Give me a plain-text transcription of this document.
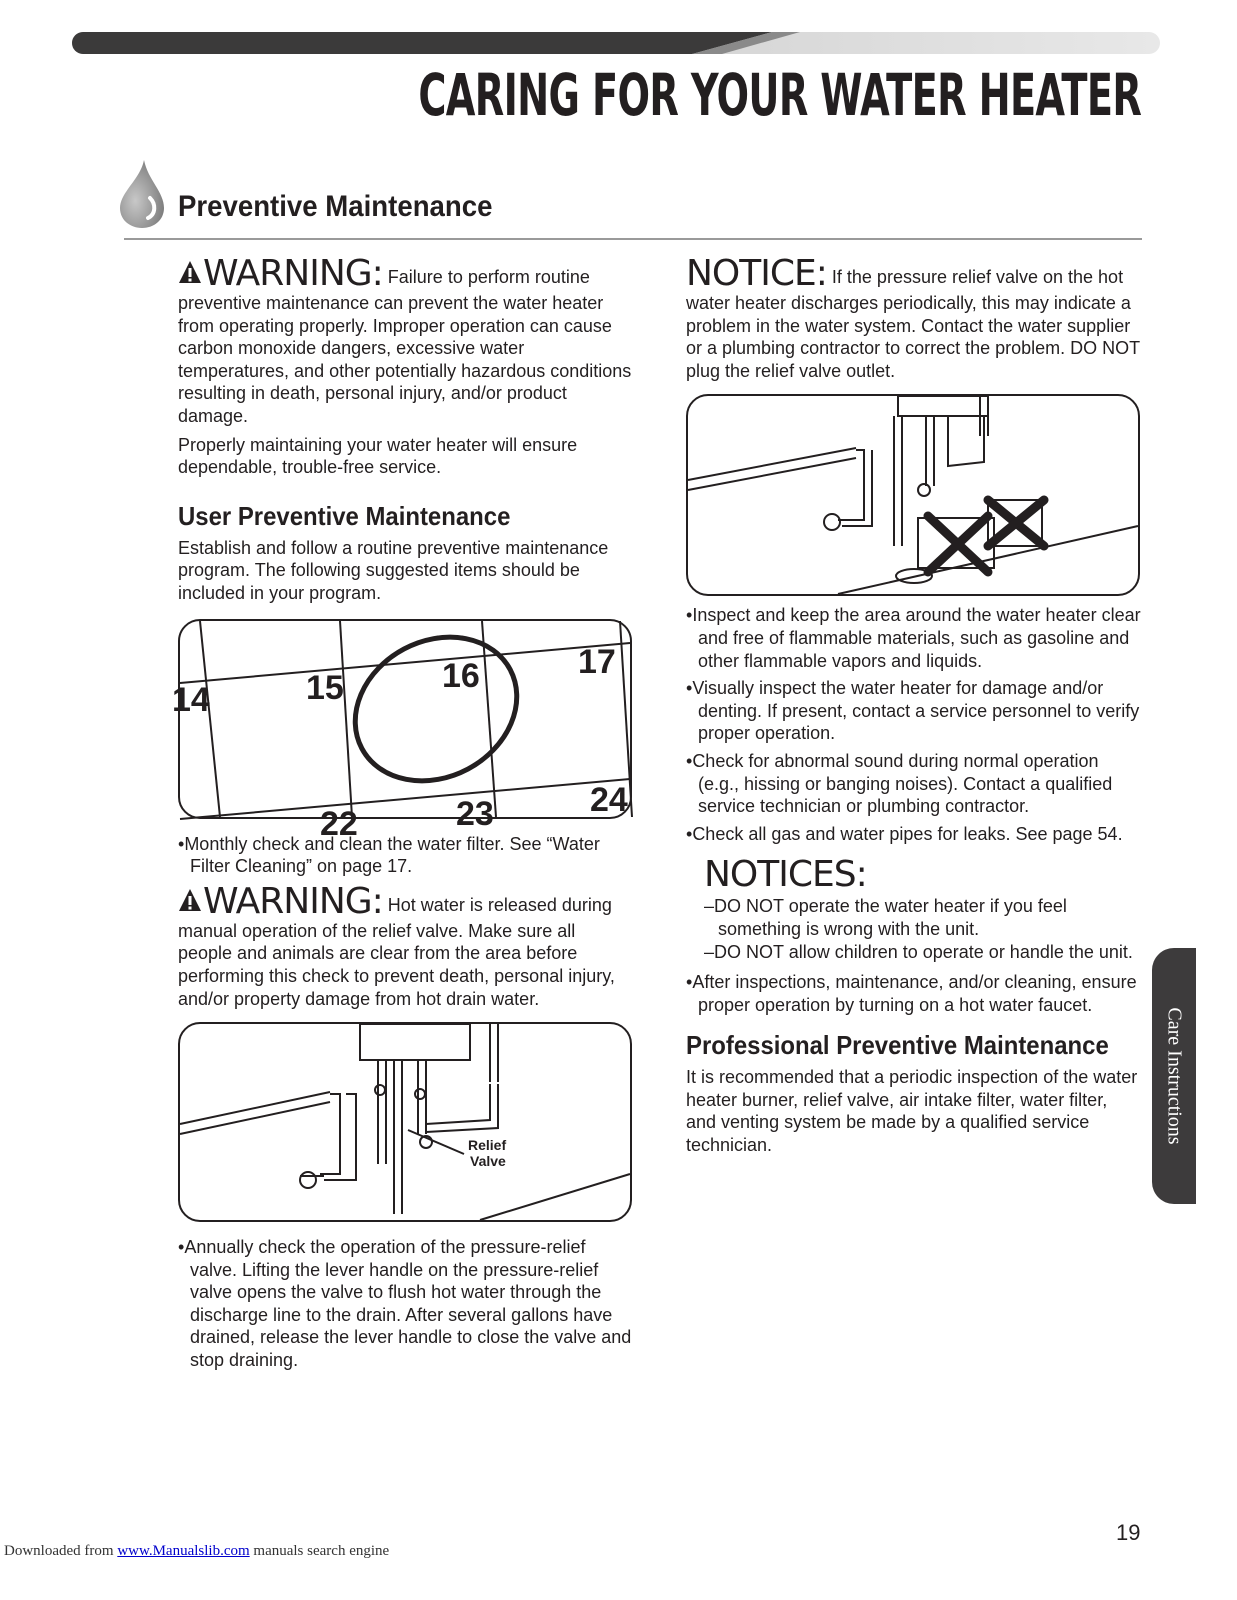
CARING FOR YOUR WATER HEATER
Preventive Maintenance

WARNING: Failure to perform routine preventive maintenance can prevent the water heater from operating properly. Improper operation can cause carbon monoxide dangers, excessive water temperatures, and other potentially hazardous conditions resulting in death, personal injury, and/or product damage.

Properly maintaining your water heater will ensure dependable, trouble-free service.

User Preventive Maintenance

Establish and follow a routine preventive maintenance program. The following suggested items should be included in your program.

14	15	16	17
22	23	24
• Monthly check and clean the water filter. See “Water Filter Cleaning” on page 17.

WARNING: Hot water is released during manual operation of the relief valve. Make sure all people and animals are clear from the area before performing this check to prevent death, personal injury, and/or property damage from hot drain water.

Relief
Valve
• Annually check the operation of the pressure-relief valve. Lifting the lever handle on the pressure-relief valve opens the valve to flush hot water through the discharge line to the drain. After several gallons have drained, release the lever handle to close the valve and stop draining.

NOTICE: If the pressure relief valve on the hot water heater discharges periodically, this may indicate a problem in the water system. Contact the water supplier or a plumbing contractor to correct the problem. DO NOT plug the relief valve outlet.

• Inspect and keep the area around the water heater clear and free of flammable materials, such as gasoline and other flammable vapors and liquids.
• Visually inspect the water heater for damage and/or denting. If present, contact a service personnel to verify proper operation.
• Check for abnormal sound during normal operation (e.g., hissing or banging noises). Contact a qualified service technician or plumbing contractor.
• Check all gas and water pipes for leaks. See page 54.

NOTICES:

– DO NOT operate the water heater if you feel something is wrong with the unit.
– DO NOT allow children to operate or handle the unit.
• After inspections, maintenance, and/or cleaning, ensure proper operation by turning on a hot water faucet.

Professional Preventive Maintenance

It is recommended that a periodic inspection of the water heater burner, relief valve, air intake filter, water filter, and venting system be made by a qualified service technician.

Care Instructions
19
Downloaded from www.Manualslib.com manuals search engine
